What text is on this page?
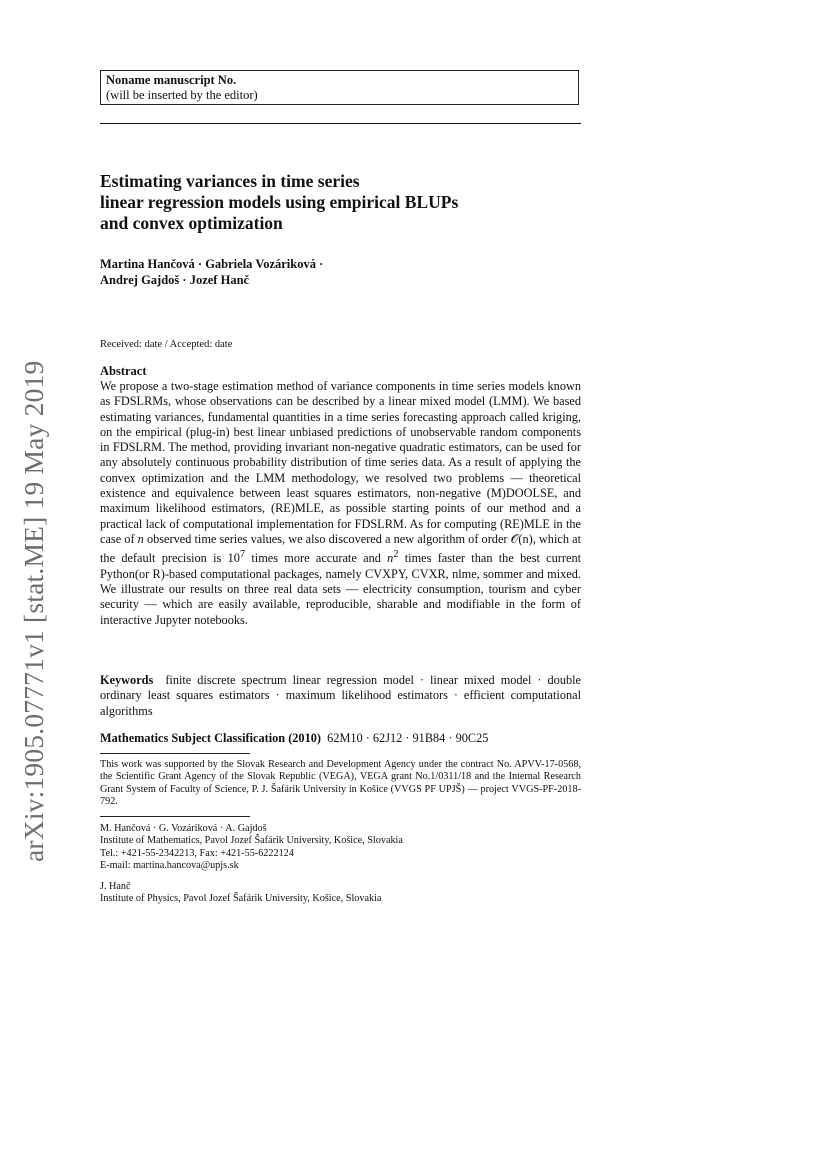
arXiv:1905.07771v1 [stat.ME] 19 May 2019
Noname manuscript No.
(will be inserted by the editor)
Estimating variances in time series
linear regression models using empirical BLUPs
and convex optimization
Martina Hančová · Gabriela Vozáriková ·
Andrej Gajdoš · Jozef Hanč
Received: date / Accepted: date
Abstract
We propose a two-stage estimation method of variance components in time series models known as FDSLRMs, whose observations can be described by a linear mixed model (LMM). We based estimating variances, fundamental quantities in a time series forecasting approach called kriging, on the empirical (plug-in) best linear unbiased predictions of unobservable random components in FDSLRM. The method, providing invariant non-negative quadratic estimators, can be used for any absolutely continuous probability distribution of time series data. As a result of applying the convex optimization and the LMM methodology, we resolved two problems — theoretical existence and equivalence between least squares estimators, non-negative (M)DOOLSE, and maximum likelihood estimators, (RE)MLE, as possible starting points of our method and a practical lack of computational implementation for FDSLRM. As for computing (RE)MLE in the case of n observed time series values, we also discovered a new algorithm of order 𝒪(n), which at the default precision is $10^7$ times more accurate and $n^2$ times faster than the best current Python(or R)-based computational packages, namely CVXPY, CVXR, nlme, sommer and mixed. We illustrate our results on three real data sets — electricity consumption, tourism and cyber security — which are easily available, reproducible, sharable and modifiable in the form of interactive Jupyter notebooks.
Keywords finite discrete spectrum linear regression model · linear mixed model · double ordinary least squares estimators · maximum likelihood estimators · efficient computational algorithms
Mathematics Subject Classification (2010) 62M10 · 62J12 · 91B84 · 90C25
This work was supported by the Slovak Research and Development Agency under the contract No. APVV-17-0568, the Scientific Grant Agency of the Slovak Republic (VEGA), VEGA grant No.1/0311/18 and the Internal Research Grant System of Faculty of Science, P. J. Šafárik University in Košice (VVGS PF UPJŠ) — project VVGS-PF-2018-792.
M. Hančová · G. Vozáriková · A. Gajdoš
Institute of Mathematics, Pavol Jozef Šafárik University, Košice, Slovakia
Tel.: +421-55-2342213, Fax: +421-55-6222124
E-mail: martina.hancova@upjs.sk
J. Hanč
Institute of Physics, Pavol Jozef Šafárik University, Košice, Slovakia
